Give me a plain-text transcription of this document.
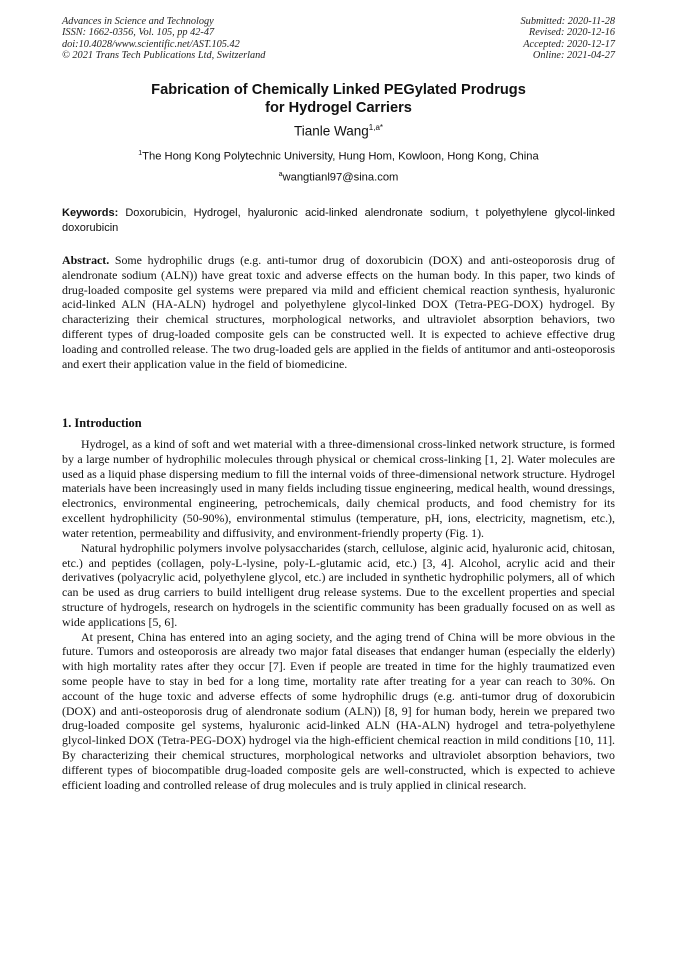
Advances in Science and Technology
ISSN: 1662-0356, Vol. 105, pp 42-47
doi:10.4028/www.scientific.net/AST.105.42
© 2021 Trans Tech Publications Ltd, Switzerland
Submitted: 2020-11-28
Revised: 2020-12-16
Accepted: 2020-12-17
Online: 2021-04-27
Fabrication of Chemically Linked PEGylated Prodrugs
for Hydrogel Carriers
Tianle Wang$^{1,a*}$
$^1$The Hong Kong Polytechnic University, Hung Hom, Kowloon, Hong Kong, China
$^a$wangtianl97@sina.com
Keywords: Doxorubicin, Hydrogel, hyaluronic acid-linked alendronate sodium, t polyethylene glycol-linked doxorubicin
Abstract. Some hydrophilic drugs (e.g. anti-tumor drug of doxorubicin (DOX) and anti-osteoporosis drug of alendronate sodium (ALN)) have great toxic and adverse effects on the human body. In this paper, two kinds of drug-loaded composite gel systems were prepared via mild and efficient chemical reaction synthesis, hyaluronic acid-linked ALN (HA-ALN) hydrogel and polyethylene glycol-linked DOX (Tetra-PEG-DOX) hydrogel. By characterizing their chemical structures, morphological networks, and ultraviolet absorption behaviors, two different types of drug-loaded composite gels can be constructed well. It is expected to achieve effective drug loading and controlled release. The two drug-loaded gels are applied in the fields of antitumor and anti-osteoporosis and exert their application value in the field of biomedicine.
1. Introduction

Hydrogel, as a kind of soft and wet material with a three-dimensional cross-linked network structure, is formed by a large number of hydrophilic molecules through physical or chemical cross-linking [1, 2]. Water molecules are used as a liquid phase dispersing medium to fill the internal voids of three-dimensional network structure. Hydrogel materials have been increasingly used in many fields including tissue engineering, medical health, wound dressings, electronics, environmental engineering, petrochemicals, daily chemical products, and food chemistry for its excellent hydrophilicity (50-90%), environmental stimulus (temperature, pH, ions, electricity, magnetism, etc.), water retention, permeability and diffusivity, and environment-friendly property (Fig. 1).

Natural hydrophilic polymers involve polysaccharides (starch, cellulose, alginic acid, hyaluronic acid, chitosan, etc.) and peptides (collagen, poly-L-lysine, poly-L-glutamic acid, etc.) [3, 4]. Alcohol, acrylic acid and their derivatives (polyacrylic acid, polyethylene glycol, etc.) are included in synthetic hydrophilic polymers, all of which can be used as drug carriers to build intelligent drug release systems. Due to the excellent properties and special structure of hydrogels, research on hydrogels in the scientific community has been gradually focused on as well as wide applications [5, 6].

At present, China has entered into an aging society, and the aging trend of China will be more obvious in the future. Tumors and osteoporosis are already two major fatal diseases that endanger human (especially the elderly) with high mortality rates after they occur [7]. Even if people are treated in time for the highly traumatized even some people have to stay in bed for a long time, mortality rate after treating for a year can reach to 30%. On account of the huge toxic and adverse effects of some hydrophilic drugs (e.g. anti-tumor drug of doxorubicin (DOX) and anti-osteoporosis drug of alendronate sodium (ALN)) [8, 9] for human body, herein we prepared two drug-loaded composite gel systems, hyaluronic acid-linked ALN (HA-ALN) hydrogel and tetra-polyethylene glycol-linked DOX (Tetra-PEG-DOX) hydrogel via the high-efficient chemical reaction in mild conditions [10, 11]. By characterizing their chemical structures, morphological networks and ultraviolet absorption behaviors, two different types of biocompatible drug-loaded composite gels are well-constructed, which is expected to achieve efficient loading and controlled release of drug molecules and is truly applied in clinical research.
